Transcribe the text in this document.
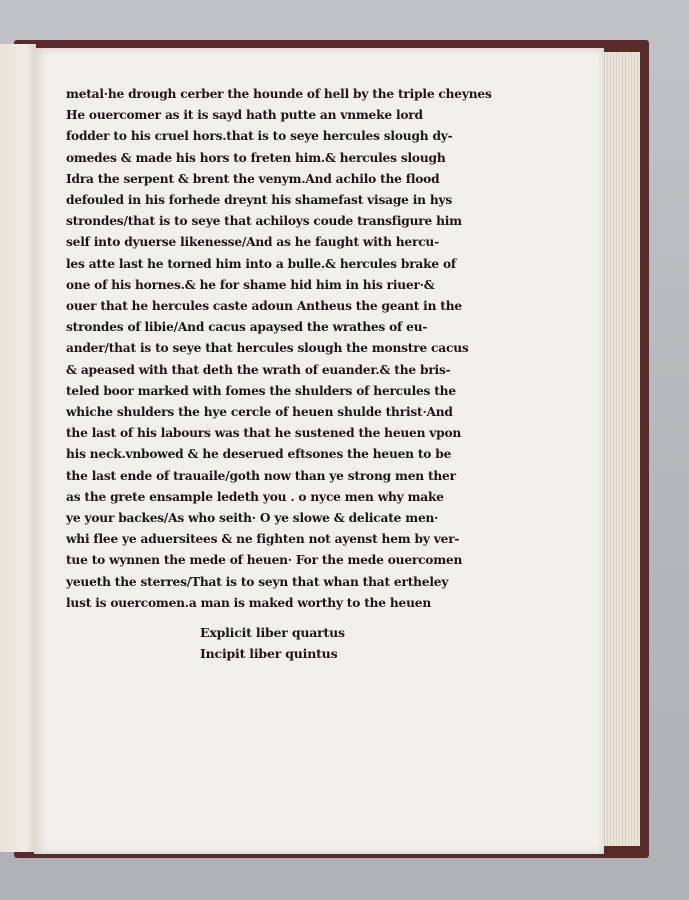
metal·he drough cerber the hounde of hell by the triple cheynes
He ouercomer as it is sayd hath putte an vnmeke lord
fodder to his cruel hors.that is to seye hercules slough dy-
omedes & made his hors to freten him.& hercules slough
Idra the serpent & brent the venym.And achilo the flood
defouled in his forhede dreynt his shamefast visage in hys
strondes/that is to seye that achiloys coude transfigure him
self into dyuerse likenesse/And as he faught with hercu-
les atte last he torned him into a bulle.& hercules brake of
one of his hornes.& he for shame hid him in his riuer·&
ouer that he hercules caste adoun Antheus the geant in the
strondes of libie/And cacus apaysed the wrathes of eu-
ander/that is to seye that hercules slough the monstre cacus
& apeased with that deth the wrath of euander.& the bris-
teled boor marked with fomes the shulders of hercules the
whiche shulders the hye cercle of heuen shulde thrist·And
the last of his labours was that he sustened the heuen vpon
his neck.vnbowed & he deserued eftsones the heuen to be
the last ende of trauaile/goth now than ye strong men ther
as the grete ensample ledeth you . o nyce men why make
ye your backes/As who seith· O ye slowe & delicate men·
whi flee ye aduersitees & ne fighten not ayenst hem by ver-
tue to wynnen the mede of heuen· For the mede ouercomen
yeueth the sterres/That is to seyn that whan that ertheley
lust is ouercomen.a man is maked worthy to the heuen
Explicit liber quartus
Incipit liber quintus
